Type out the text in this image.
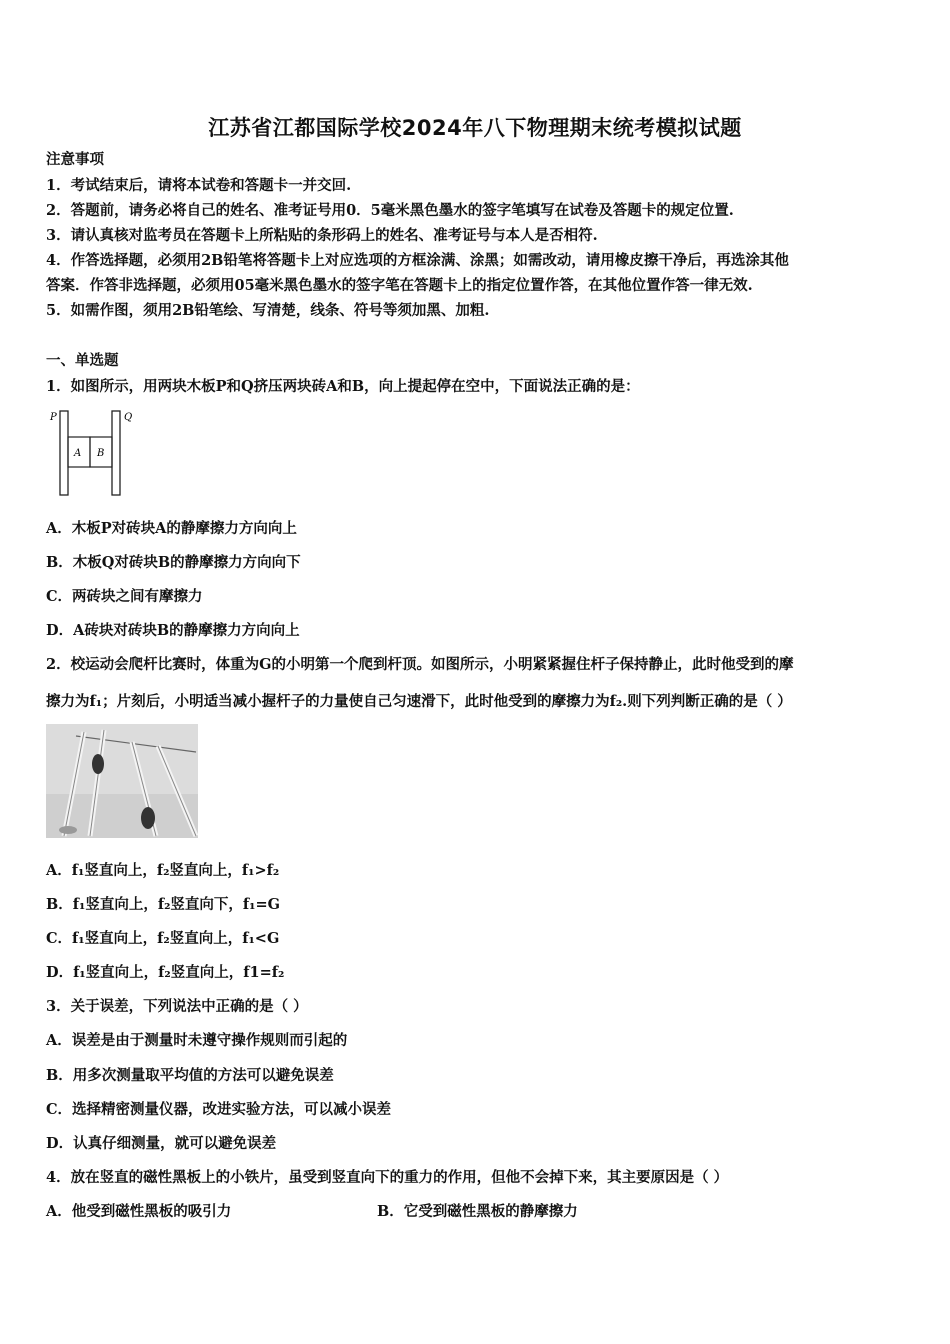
江苏省江都国际学校2024年八下物理期末统考模拟试题
注意事项
1．考试结束后，请将本试卷和答题卡一并交回.
2．答题前，请务必将自己的姓名、准考证号用0．5毫米黑色墨水的签字笔填写在试卷及答题卡的规定位置.
3．请认真核对监考员在答题卡上所粘贴的条形码上的姓名、准考证号与本人是否相符.
4．作答选择题，必须用2B铅笔将答题卡上对应选项的方框涂满、涂黑；如需改动，请用橡皮擦干净后，再选涂其他
答案．作答非选择题，必须用05毫米黑色墨水的签字笔在答题卡上的指定位置作答，在其他位置作答一律无效.
5．如需作图，须用2B铅笔绘、写清楚，线条、符号等须加黑、加粗.
一、单选题
1．如图所示，用两块木板P和Q挤压两块砖A和B，向上提起停在空中，下面说法正确的是：
P	Q
A B
A．木板P对砖块A的静摩擦力方向向上
B．木板Q对砖块B的静摩擦力方向向下
C．两砖块之间有摩擦力
D．A砖块对砖块B的静摩擦力方向向上
2．校运动会爬杆比赛时，体重为G的小明第一个爬到杆顶。如图所示，小明紧紧握住杆子保持静止，此时他受到的摩
擦力为f₁；片刻后，小明适当减小握杆子的力量使自己匀速滑下，此时他受到的摩擦力为f₂.则下列判断正确的是（ ）
A．f₁竖直向上，f₂竖直向上，f₁>f₂
B．f₁竖直向上，f₂竖直向下，f₁=G
C．f₁竖直向上，f₂竖直向上，f₁<G
D．f₁竖直向上，f₂竖直向上，f1=f₂
3．关于误差，下列说法中正确的是（ ）
A．误差是由于测量时未遵守操作规则而引起的
B．用多次测量取平均值的方法可以避免误差
C．选择精密测量仪器，改进实验方法，可以减小误差
D．认真仔细测量，就可以避免误差
4．放在竖直的磁性黑板上的小铁片，虽受到竖直向下的重力的作用，但他不会掉下来，其主要原因是（ ）
A．他受到磁性黑板的吸引力	B．它受到磁性黑板的静摩擦力
